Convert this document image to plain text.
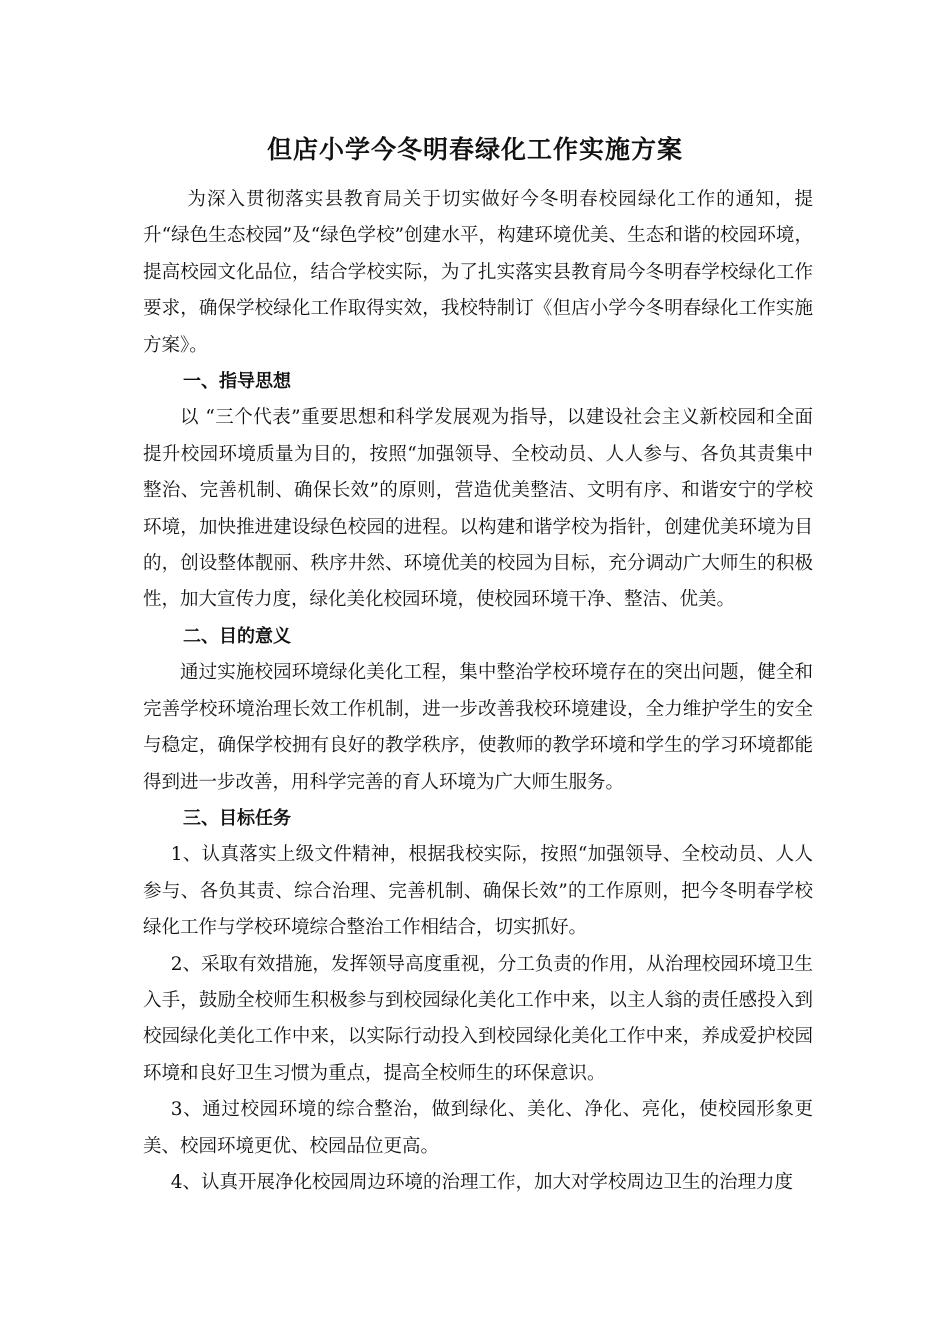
但店小学今冬明春绿化工作实施方案

为深入贯彻落实县教育局关于切实做好今冬明春校园绿化工作的通知，提升“绿色生态校园”及“绿色学校”创建水平，构建环境优美、生态和谐的校园环境，提高校园文化品位，结合学校实际，为了扎实落实县教育局今冬明春学校绿化工作要求，确保学校绿化工作取得实效，我校特制订《但店小学今冬明春绿化工作实施方案》。

一、指导思想

以 “三个代表”重要思想和科学发展观为指导，以建设社会主义新校园和全面提升校园环境质量为目的，按照“加强领导、全校动员、人人参与、各负其责集中整治、完善机制、确保长效”的原则，营造优美整洁、文明有序、和谐安宁的学校环境，加快推进建设绿色校园的进程。以构建和谐学校为指针，创建优美环境为目的，创设整体靓丽、秩序井然、环境优美的校园为目标，充分调动广大师生的积极性，加大宣传力度，绿化美化校园环境，使校园环境干净、整洁、优美。

二、目的意义

通过实施校园环境绿化美化工程，集中整治学校环境存在的突出问题，健全和完善学校环境治理长效工作机制，进一步改善我校环境建设，全力维护学生的安全与稳定，确保学校拥有良好的教学秩序，使教师的教学环境和学生的学习环境都能得到进一步改善，用科学完善的育人环境为广大师生服务。

三、目标任务

1、认真落实上级文件精神，根据我校实际，按照“加强领导、全校动员、人人参与、各负其责、综合治理、完善机制、确保长效”的工作原则，把今冬明春学校绿化工作与学校环境综合整治工作相结合，切实抓好。

2、采取有效措施，发挥领导高度重视，分工负责的作用，从治理校园环境卫生入手，鼓励全校师生积极参与到校园绿化美化工作中来，以主人翁的责任感投入到校园绿化美化工作中来，以实际行动投入到校园绿化美化工作中来，养成爱护校园环境和良好卫生习惯为重点，提高全校师生的环保意识。

3、通过校园环境的综合整治，做到绿化、美化、净化、亮化，使校园形象更美、校园环境更优、校园品位更高。

4、认真开展净化校园周边环境的治理工作，加大对学校周边卫生的治理力度
